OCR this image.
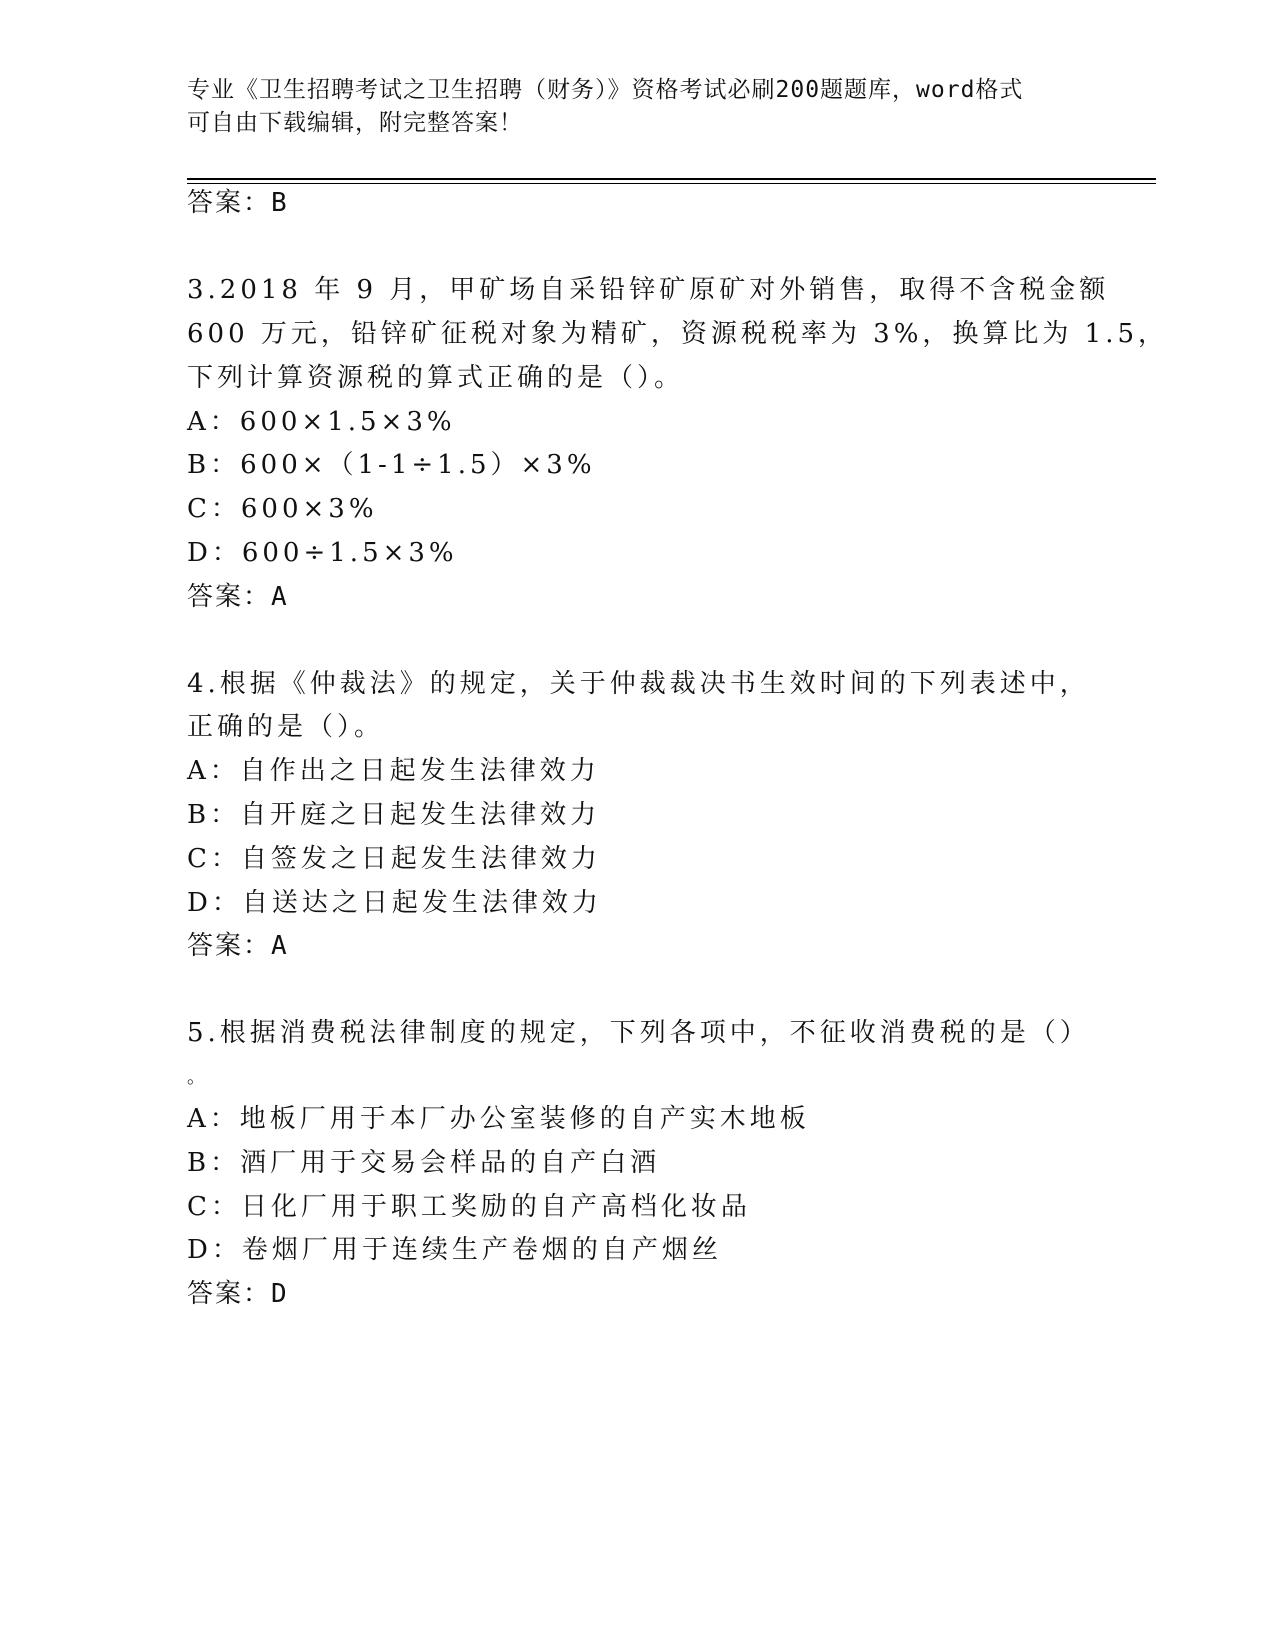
专业《卫生招聘考试之卫生招聘（财务）》资格考试必刷200题题库，word格式
可自由下载编辑，附完整答案！
答案：B
3.2018 年 9 月，甲矿场自采铅锌矿原矿对外销售，取得不含税金额
600 万元，铅锌矿征税对象为精矿，资源税税率为 3%，换算比为 1.5，
下列计算资源税的算式正确的是（）。
A：600×1.5×3%
B：600×（1-1÷1.5）×3%
C：600×3%
D：600÷1.5×3%
答案：A
4.根据《仲裁法》的规定，关于仲裁裁决书生效时间的下列表述中，
正确的是（）。
A：自作出之日起发生法律效力
B：自开庭之日起发生法律效力
C：自签发之日起发生法律效力
D：自送达之日起发生法律效力
答案：A
5.根据消费税法律制度的规定，下列各项中，不征收消费税的是（）
。
A：地板厂用于本厂办公室装修的自产实木地板
B：酒厂用于交易会样品的自产白酒
C：日化厂用于职工奖励的自产高档化妆品
D：卷烟厂用于连续生产卷烟的自产烟丝
答案：D
